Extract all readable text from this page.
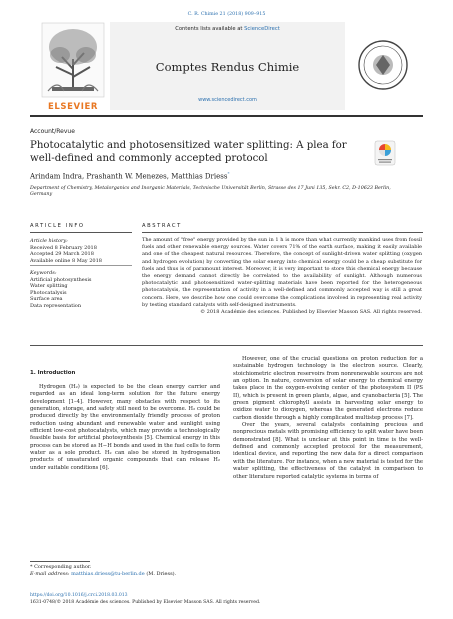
C. R. Chimie 21 (2018) 909–915
ELSEVIER
Contents lists available at ScienceDirect
Comptes Rendus Chimie
www.sciencedirect.com
Account/Revue
Photocatalytic and photosensitized water splitting: A plea for well-defined and commonly accepted protocol
Arindam Indra, Prashanth W. Menezes, Matthias Driess*
Department of Chemistry, Metalorganics and Inorganic Materials, Technische Universität Berlin, Strasse des 17 Juni 135, Sekr. C2, D-10623 Berlin, Germany
ARTICLE INFO	ABSTRACT
Article history:
Received 8 February 2018
Accepted 29 March 2018
Available online 8 May 2018
Keywords:
Artificial photosynthesis
Water splitting
Photocatalysis
Surface area
Data representation
The amount of "free" energy provided by the sun in 1 h is more than what currently mankind uses from fossil fuels and other renewable energy sources. Water covers 71% of the earth surface, making it easily available and one of the cheapest natural resources. Therefore, the concept of sunlight-driven water splitting (oxygen and hydrogen evolution) by converting the solar energy into chemical energy could be a cheap substitute for fuels and thus is of paramount interest. Moreover, it is very important to store this chemical energy because the energy demand cannot directly be correlated to the availability of sunlight. Although numerous photocatalytic and photosensitized water-splitting materials have been reported for the heterogeneous photocatalysis, the representation of activity in a well-defined and commonly accepted way is still a great concern. Here, we describe how one could overcome the complications involved in representing real activity by testing standard catalysts with self-designed instruments.
© 2018 Académie des sciences. Published by Elsevier Masson SAS. All rights reserved.
1. Introduction

Hydrogen (H₂) is expected to be the clean energy carrier and regarded as an ideal long-term solution for the future energy development [1–4]. However, many obstacles with respect to its generation, storage, and safety still need to be overcome. H₂ could be produced directly by the environmentally friendly process of proton reduction using abundant and renewable water and sunlight using efficient low-cost photocatalysts, which may provide a technologically feasible basis for artificial photosynthesis [5]. Chemical energy in this process can be stored as H−H bonds and used in the fuel cells to form water as a sole product. H₂ can also be stored in hydrogenation products of unsaturated organic compounds that can release H₂ under suitable conditions [6].

However, one of the crucial questions on proton reduction for a sustainable hydrogen technology is the electron source. Clearly, stoichiometric electron reservoirs from nonrenewable sources are not an option. In nature, conversion of solar energy to chemical energy takes place in the oxygen-evolving center of the photosystem II (PS II), which is present in green plants, algae, and cyanobacteria [5]. The green pigment chlorophyll assists in harvesting solar energy to oxidize water to dioxygen, whereas the generated electrons reduce carbon dioxide through a highly complicated multistep process [7].

Over the years, several catalysts containing precious and nonprecious metals with promising efficiency to split water have been demonstrated [8]. What is unclear at this point in time is the well-defined and commonly accepted protocol for the measurement, identical device, and reporting the new data for a direct comparison with the literature. For instance, when a new material is tested for the water splitting, the effectiveness of the catalyst in comparison to other literature reported catalytic systems in terms of

* Corresponding author.
E-mail address: matthias.driess@tu-berlin.de (M. Driess).
https://doi.org/10.1016/j.crci.2018.03.013
1631-0748/© 2018 Académie des sciences. Published by Elsevier Masson SAS. All rights reserved.
